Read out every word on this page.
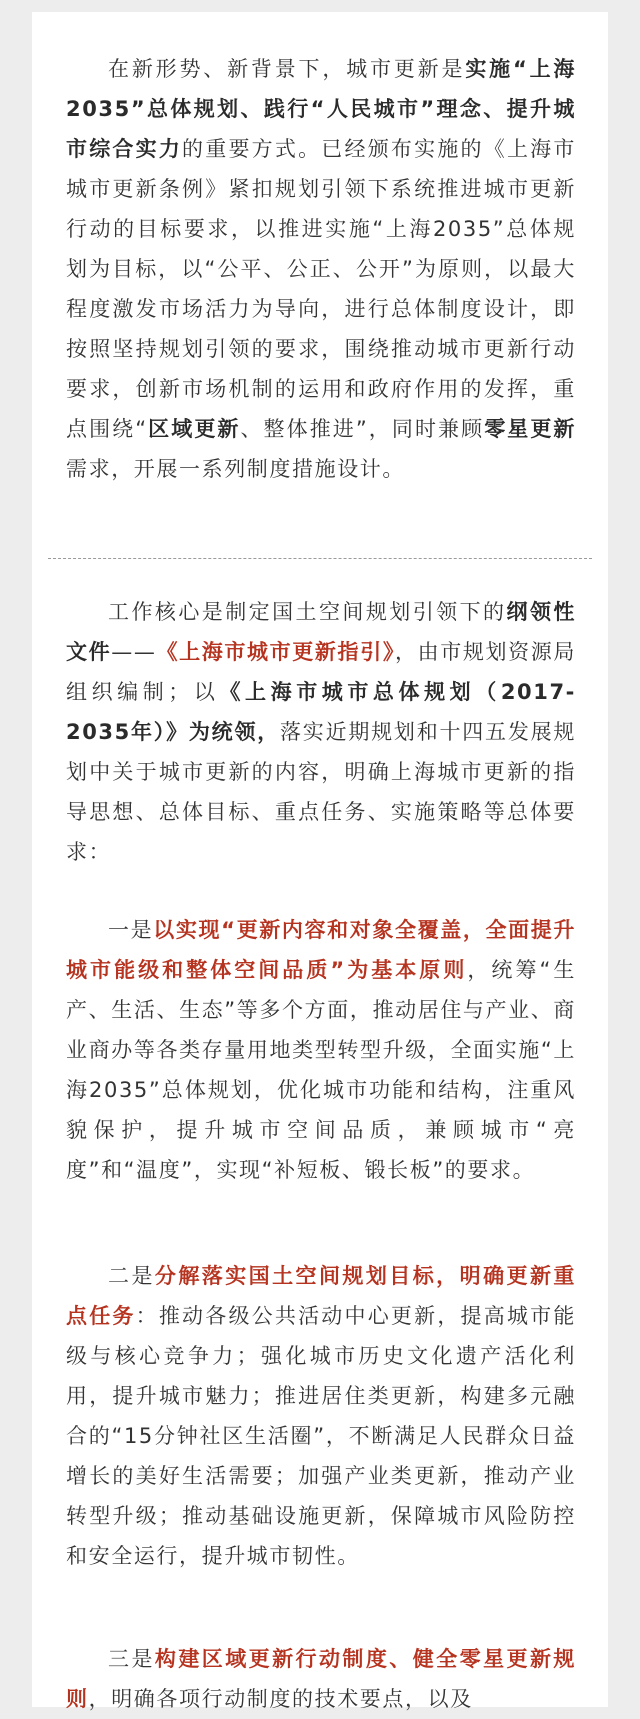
在新形势、新背景下，城市更新是实施“上海2035”总体规划、践行“人民城市”理念、提升城市综合实力的重要方式。已经颁布实施的《上海市城市更新条例》紧扣规划引领下系统推进城市更新行动的目标要求，以推进实施“上海2035”总体规划为目标，以“公平、公正、公开”为原则，以最大程度激发市场活力为导向，进行总体制度设计，即按照坚持规划引领的要求，围绕推动城市更新行动要求，创新市场机制的运用和政府作用的发挥，重点围绕“区域更新、整体推进”，同时兼顾零星更新需求，开展一系列制度措施设计。

工作核心是制定国土空间规划引领下的纲领性文件——《上海市城市更新指引》，由市规划资源局组织编制；以《上海市城市总体规划（2017-2035年）》为统领，落实近期规划和十四五发展规划中关于城市更新的内容，明确上海城市更新的指导思想、总体目标、重点任务、实施策略等总体要求：

一是以实现“更新内容和对象全覆盖，全面提升城市能级和整体空间品质”为基本原则，统筹“生产、生活、生态”等多个方面，推动居住与产业、商业商办等各类存量用地类型转型升级，全面实施“上海2035”总体规划，优化城市功能和结构，注重风貌保护，提升城市空间品质，兼顾城市“亮度”和“温度”，实现“补短板、锻长板”的要求。

二是分解落实国土空间规划目标，明确更新重点任务：推动各级公共活动中心更新，提高城市能级与核心竞争力；强化城市历史文化遗产活化利用，提升城市魅力；推进居住类更新，构建多元融合的“15分钟社区生活圈”，不断满足人民群众日益增长的美好生活需要；加强产业类更新，推动产业转型升级；推动基础设施更新，保障城市风险防控和安全运行，提升城市韧性。

三是构建区域更新行动制度、健全零星更新规则，明确各项行动制度的技术要点，以及
